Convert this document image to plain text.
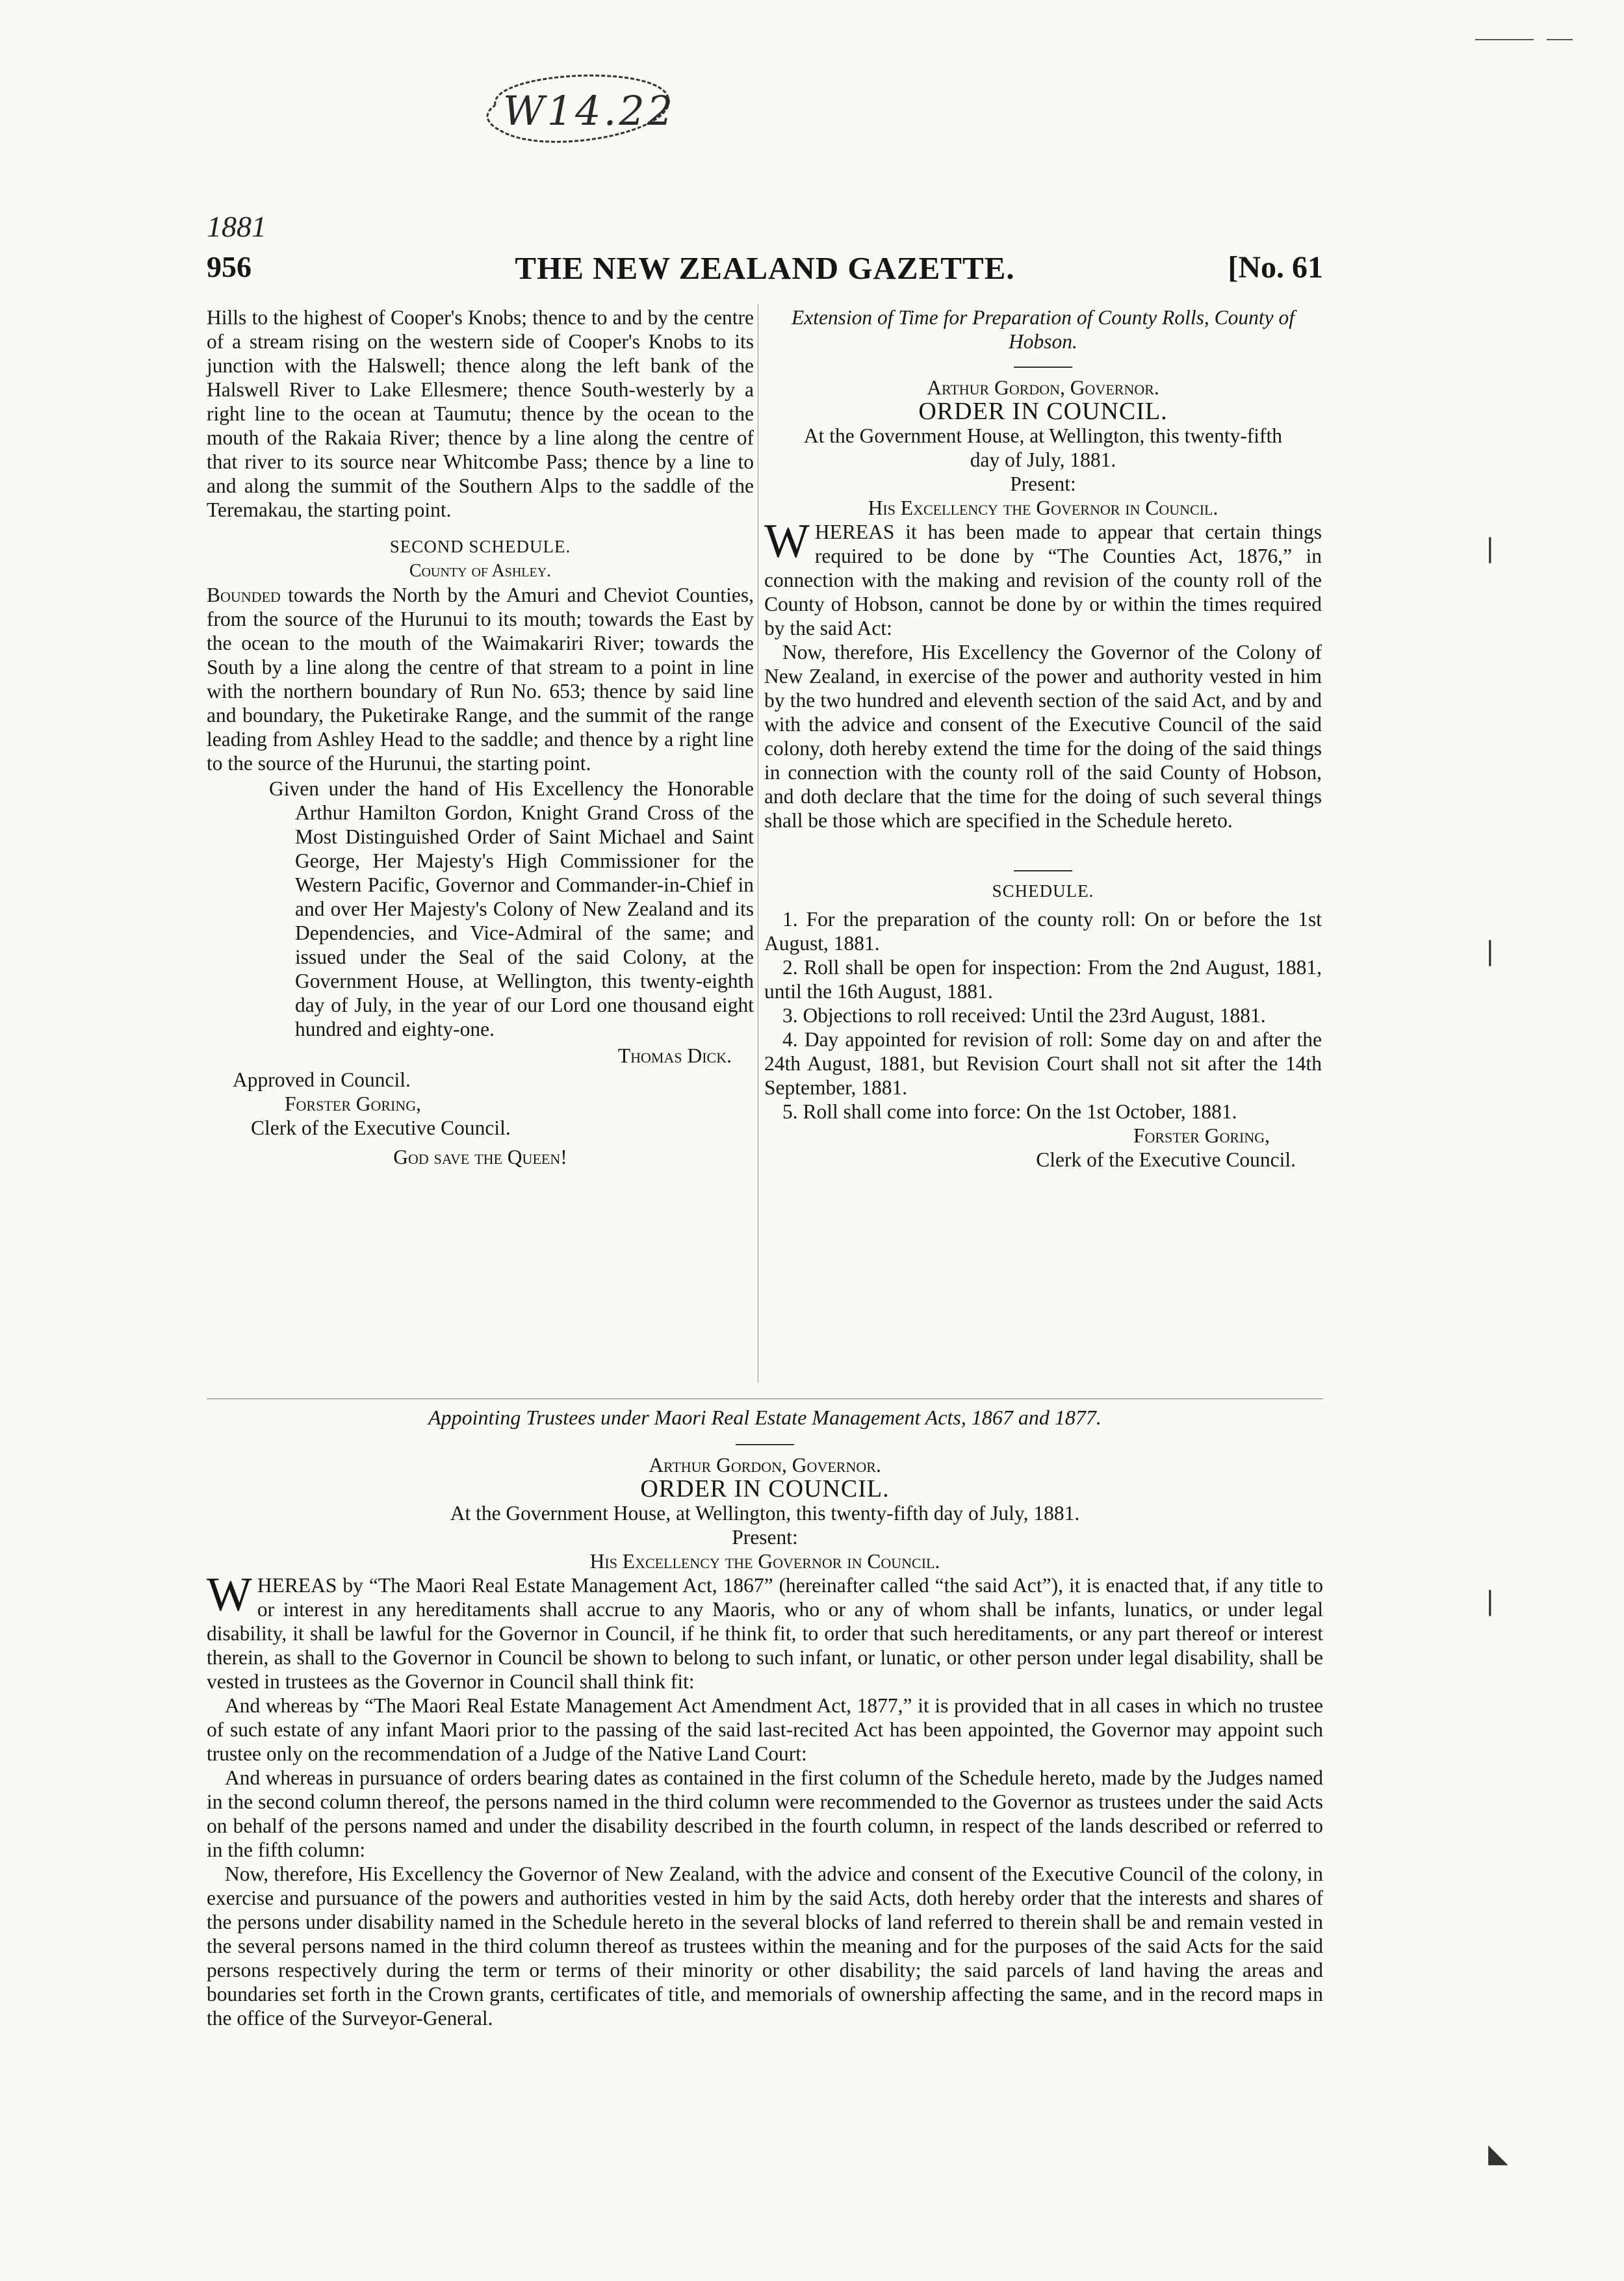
W14.22
1881
956	THE NEW ZEALAND GAZETTE.	[No. 61

Hills to the highest of Cooper's Knobs; thence to and by the centre of a stream rising on the western side of Cooper's Knobs to its junction with the Halswell; thence along the left bank of the Halswell River to Lake Ellesmere; thence South-westerly by a right line to the ocean at Taumutu; thence by the ocean to the mouth of the Rakaia River; thence by a line along the centre of that river to its source near Whitcombe Pass; thence by a line to and along the summit of the Southern Alps to the saddle of the Teremakau, the starting point.

SECOND SCHEDULE.

County of Ashley.

Bounded towards the North by the Amuri and Cheviot Counties, from the source of the Hurunui to its mouth; towards the East by the ocean to the mouth of the Waimakariri River; towards the South by a line along the centre of that stream to a point in line with the northern boundary of Run No. 653; thence by said line and boundary, the Puketirake Range, and the summit of the range leading from Ashley Head to the saddle; and thence by a right line to the source of the Hurunui, the starting point.

Given under the hand of His Excellency the Honorable Arthur Hamilton Gordon, Knight Grand Cross of the Most Distinguished Order of Saint Michael and Saint George, Her Majesty's High Commissioner for the Western Pacific, Governor and Commander-in-Chief in and over Her Majesty's Colony of New Zealand and its Dependencies, and Vice-Admiral of the same; and issued under the Seal of the said Colony, at the Government House, at Wellington, this twenty-eighth day of July, in the year of our Lord one thousand eight hundred and eighty-one.

Thomas Dick.

Approved in Council.

Forster Goring,

Clerk of the Executive Council.

God save the Queen!

Extension of Time for Preparation of County Rolls, County of Hobson.

Arthur Gordon, Governor.

ORDER IN COUNCIL.

At the Government House, at Wellington, this twenty-fifth day of July, 1881.

Present:

His Excellency the Governor in Council.

WHEREAS it has been made to appear that certain things required to be done by “The Counties Act, 1876,” in connection with the making and revision of the county roll of the County of Hobson, cannot be done by or within the times required by the said Act:

Now, therefore, His Excellency the Governor of the Colony of New Zealand, in exercise of the power and authority vested in him by the two hundred and eleventh section of the said Act, and by and with the advice and consent of the Executive Council of the said colony, doth hereby extend the time for the doing of the said things in connection with the county roll of the said County of Hobson, and doth declare that the time for the doing of such several things shall be those which are specified in the Schedule hereto.

SCHEDULE.

1. For the preparation of the county roll: On or before the 1st August, 1881.

2. Roll shall be open for inspection: From the 2nd August, 1881, until the 16th August, 1881.

3. Objections to roll received: Until the 23rd August, 1881.

4. Day appointed for revision of roll: Some day on and after the 24th August, 1881, but Revision Court shall not sit after the 14th September, 1881.

5. Roll shall come into force: On the 1st October, 1881.

Forster Goring,

Clerk of the Executive Council.

Appointing Trustees under Maori Real Estate Management Acts, 1867 and 1877.

Arthur Gordon, Governor.

ORDER IN COUNCIL.

At the Government House, at Wellington, this twenty-fifth day of July, 1881.

Present:

His Excellency the Governor in Council.

WHEREAS by “The Maori Real Estate Management Act, 1867” (hereinafter called “the said Act”), it is enacted that, if any title to or interest in any hereditaments shall accrue to any Maoris, who or any of whom shall be infants, lunatics, or under legal disability, it shall be lawful for the Governor in Council, if he think fit, to order that such hereditaments, or any part thereof or interest therein, as shall to the Governor in Council be shown to belong to such infant, or lunatic, or other person under legal disability, shall be vested in trustees as the Governor in Council shall think fit:

And whereas by “The Maori Real Estate Management Act Amendment Act, 1877,” it is provided that in all cases in which no trustee of such estate of any infant Maori prior to the passing of the said last-recited Act has been appointed, the Governor may appoint such trustee only on the recommendation of a Judge of the Native Land Court:

And whereas in pursuance of orders bearing dates as contained in the first column of the Schedule hereto, made by the Judges named in the second column thereof, the persons named in the third column were recommended to the Governor as trustees under the said Acts on behalf of the persons named and under the disability described in the fourth column, in respect of the lands described or referred to in the fifth column:

Now, therefore, His Excellency the Governor of New Zealand, with the advice and consent of the Executive Council of the colony, in exercise and pursuance of the powers and authorities vested in him by the said Acts, doth hereby order that the interests and shares of the persons under disability named in the Schedule hereto in the several blocks of land referred to therein shall be and remain vested in the several persons named in the third column thereof as trustees within the meaning and for the purposes of the said Acts for the said persons respectively during the term or terms of their minority or other disability; the said parcels of land having the areas and boundaries set forth in the Crown grants, certificates of title, and memorials of ownership affecting the same, and in the record maps in the office of the Surveyor-General.

❘
❘
❘
◣
